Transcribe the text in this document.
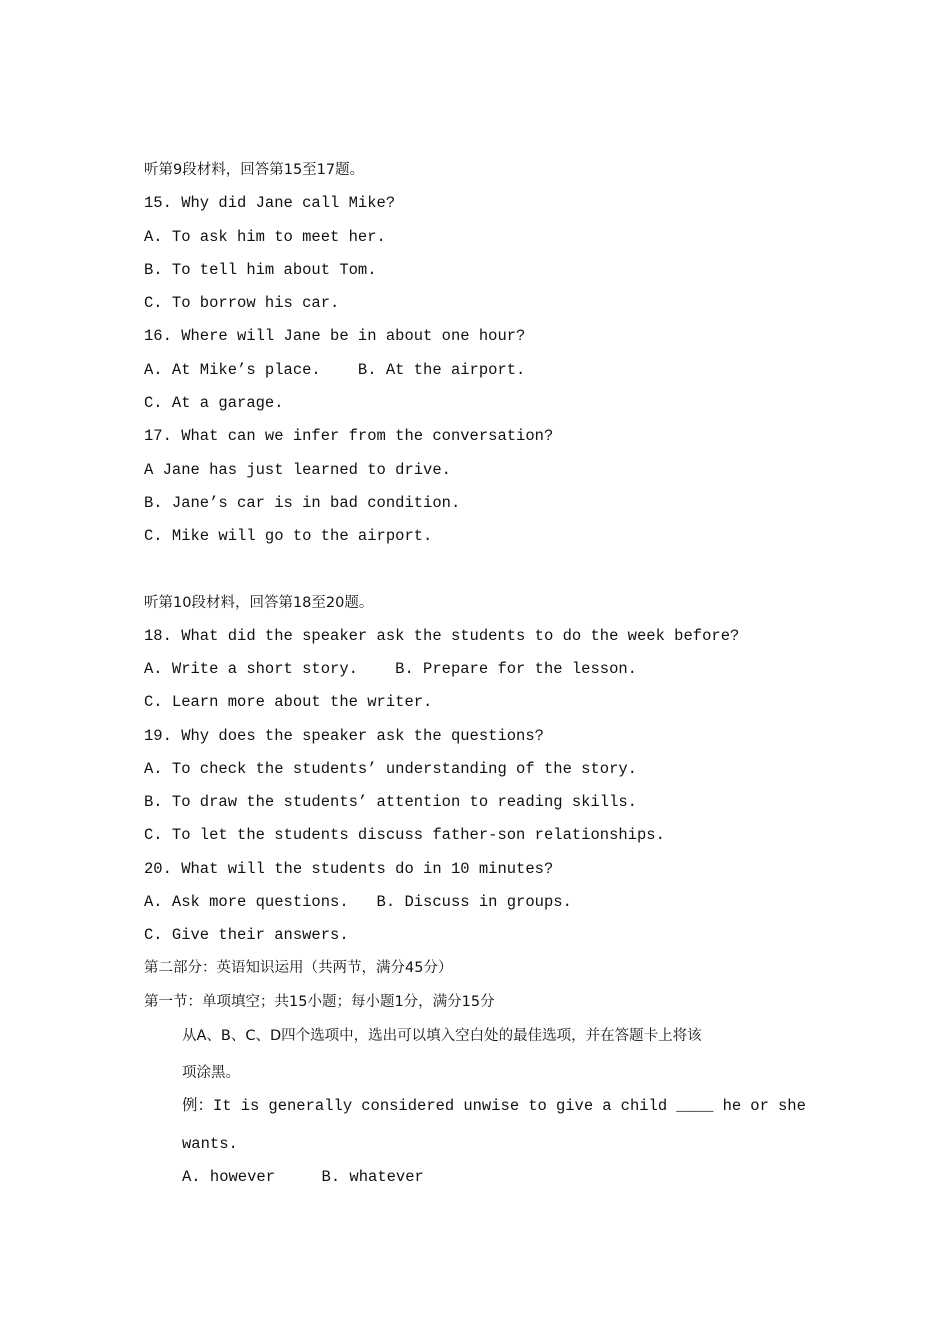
听第9段材料，回答第15至17题。
15. Why did Jane call Mike?
A. To ask him to meet her.
B. To tell him about Tom.
C. To borrow his car.
16. Where will Jane be in about one hour?
A. At Mike’s place.    B. At the airport.
C. At a garage.
17. What can we infer from the conversation?
A Jane has just learned to drive.
B. Jane’s car is in bad condition.
C. Mike will go to the airport.
听第10段材料，回答第18至20题。
18. What did the speaker ask the students to do the week before?
A. Write a short story.    B. Prepare for the lesson.
C. Learn more about the writer.
19. Why does the speaker ask the questions?
A. To check the students’ understanding of the story.
B. To draw the students’ attention to reading skills.
C. To let the students discuss father-son relationships.
20. What will the students do in 10 minutes?
A. Ask more questions.   B. Discuss in groups.
C. Give their answers.
第二部分：英语知识运用（共两节，满分45分）
第一节：单项填空；共15小题；每小题1分，满分15分
从A、B、C、D四个选项中，选出可以填入空白处的最佳选项，并在答题卡上将该
项涂黑。
例：It is generally considered unwise to give a child ____ he or she
wants.
A. however     B. whatever
